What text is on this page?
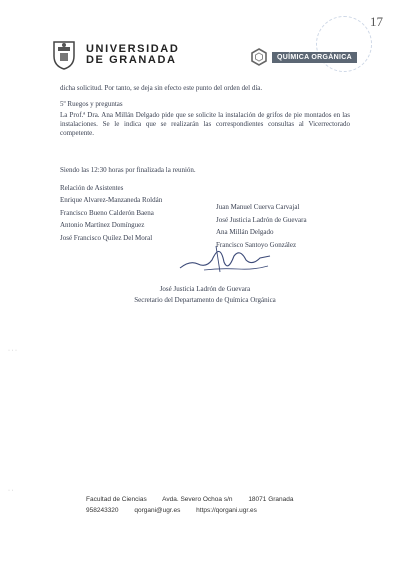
17
UNIVERSIDAD
DE GRANADA	QUÍMICA ORGÁNICA
dicha solicitud. Por tanto, se deja sin efecto este punto del orden del día.
5º Ruegos y preguntas
La Prof.ª Dra. Ana Millán Delgado pide que se solicite la instalación de grifos de pie montados en las instalaciones. Se le indica que se realizarán las correspondientes consultas al Vicerrectorado competente.
Siendo las 12:30 horas por finalizada la reunión.
Relación de Asistentes
Enrique Alvarez-Manzaneda Roldán
Francisco Bueno Calderón Baena
Antonio Martínez Domínguez
José Francisco Quílez Del Moral
Juan Manuel Cuerva Carvajal
José Justicia Ladrón de Guevara
Ana Millán Delgado
Francisco Santoyo González
José Justicia Ladrón de Guevara
Secretario del Departamento de Química Orgánica
· · ·
· ·
Facultad de Ciencias Avda. Severo Ochoa s/n 18071 Granada
958243320 qorgani@ugr.es https://qorgani.ugr.es
